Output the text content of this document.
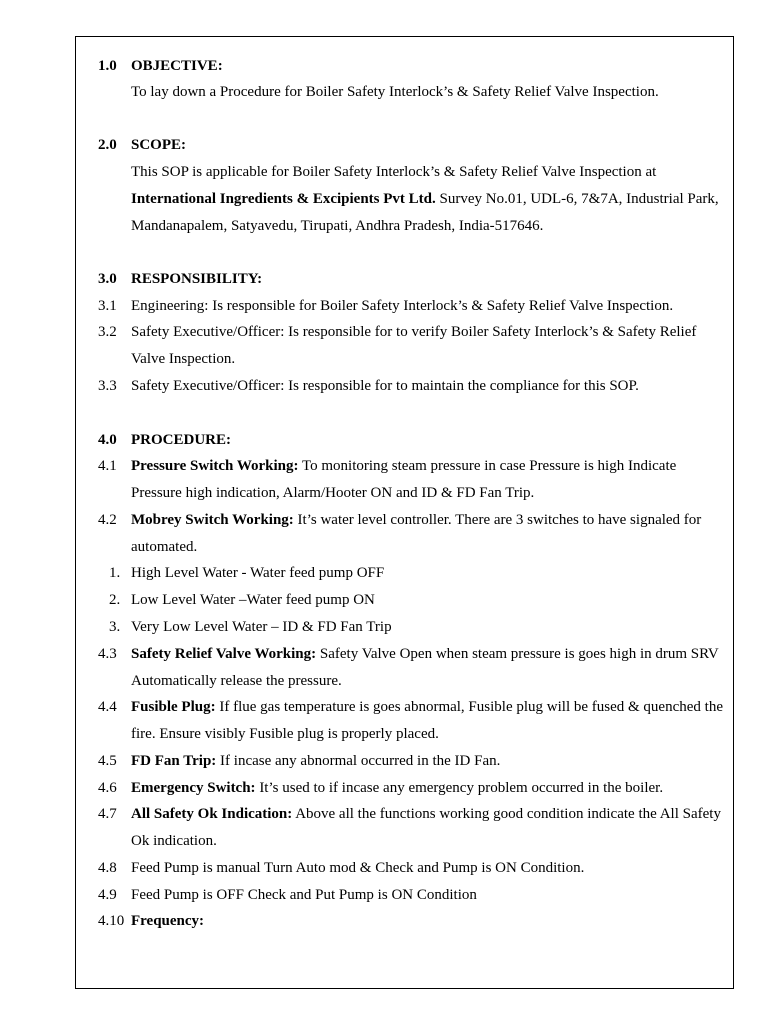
1.0 OBJECTIVE:
To lay down a Procedure for Boiler Safety Interlock’s & Safety Relief Valve Inspection.
2.0 SCOPE:
This SOP is applicable for Boiler Safety Interlock’s & Safety Relief Valve Inspection at
International Ingredients & Excipients Pvt Ltd. Survey No.01, UDL-6, 7&7A, Industrial Park,
Mandanapalem, Satyavedu, Tirupati, Andhra Pradesh, India-517646.
3.0 RESPONSIBILITY:
3.1 Engineering: Is responsible for Boiler Safety Interlock’s & Safety Relief Valve Inspection.
3.2 Safety Executive/Officer: Is responsible for to verify Boiler Safety Interlock’s & Safety Relief
Valve Inspection.
3.3 Safety Executive/Officer: Is responsible for to maintain the compliance for this SOP.
4.0 PROCEDURE:
4.1 Pressure Switch Working: To monitoring steam pressure in case Pressure is high Indicate
Pressure high indication, Alarm/Hooter ON and ID & FD Fan Trip.
4.2 Mobrey Switch Working: It’s water level controller. There are 3 switches to have signaled for
automated.
1. High Level Water - Water feed pump OFF
2. Low Level Water –Water feed pump ON
3. Very Low Level Water – ID & FD Fan Trip
4.3 Safety Relief Valve Working: Safety Valve Open when steam pressure is goes high in drum SRV
Automatically release the pressure.
4.4 Fusible Plug: If flue gas temperature is goes abnormal, Fusible plug will be fused & quenched the
fire. Ensure visibly Fusible plug is properly placed.
4.5 FD Fan Trip: If incase any abnormal occurred in the ID Fan.
4.6 Emergency Switch: It’s used to if incase any emergency problem occurred in the boiler.
4.7 All Safety Ok Indication: Above all the functions working good condition indicate the All Safety
Ok indication.
4.8 Feed Pump is manual Turn Auto mod & Check and Pump is ON Condition.
4.9 Feed Pump is OFF Check and Put Pump is ON Condition
4.10 Frequency:
